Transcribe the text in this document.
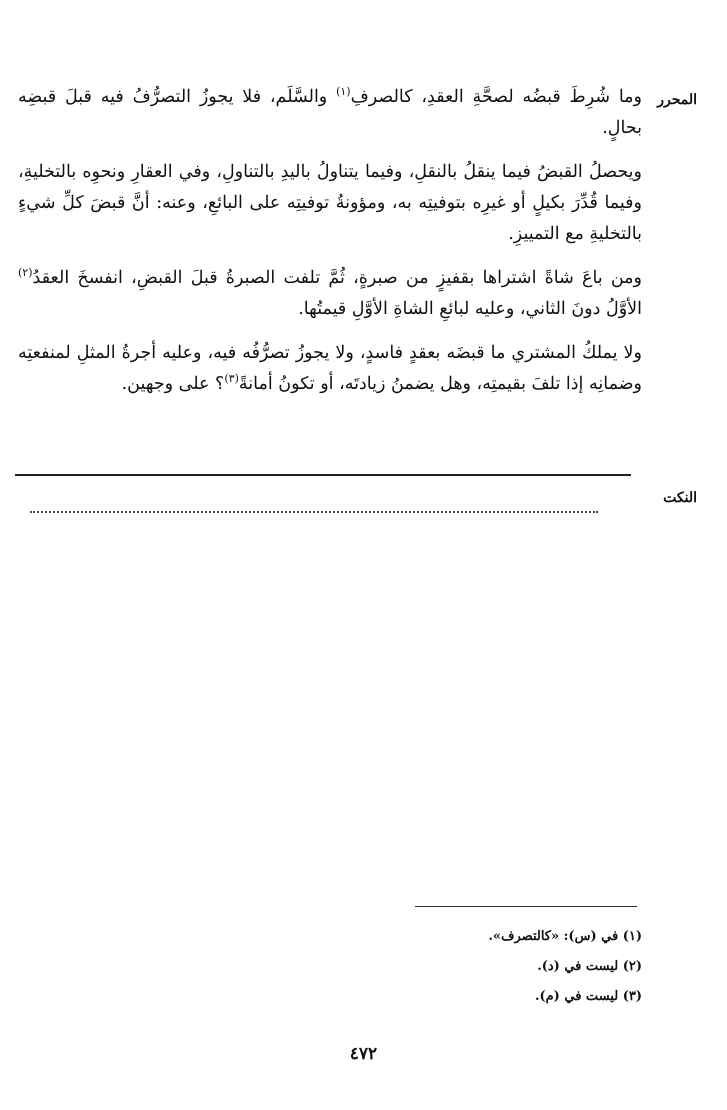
المحرر

وما شُرِطَ قبضُه لصحَّةِ العقدِ، كالصرفِ$^{(١)}$ والسَّلَم، فلا يجوزُ التصرُّفُ فيه قبلَ قبضِه بحالٍ.

ويحصلُ القبضُ فيما ينقلُ بالنقلِ، وفيما يتناولُ باليدِ بالتناولِ، وفي العقارِ ونحوِه بالتخليةِ، وفيما قُدِّرَ بكيلٍ أو غيرِه بتوفيتِه به، ومؤونةُ توفيتِه على البائعِ، وعنه: أنَّ قبضَ كلِّ شيءٍ بالتخليةِ مع التمييزِ.

ومن باعَ شاةً اشتراها بقفيزٍ من صبرةٍ، ثُمَّ تلفت الصبرةُ قبلَ القبضِ، انفسخَ العقدُ$^{(٢)}$ الأوَّلُ دونَ الثاني، وعليه لبائعِ الشاةِ الأوَّلِ قيمتُها.

ولا يملكُ المشتري ما قبضَه بعقدٍ فاسدٍ، ولا يجوزُ تصرُّفُه فيه، وعليه أجرةُ المثلِ لمنفعتِه وضمانِه إذا تلفَ بقيمتِه، وهل يضمنُ زيادتَه، أو تكونُ أمانةً$^{(٣)}$؟ على وجهين.

النكت
(١) في (س): «كالتصرف».
(٢) ليست في (د).
(٣) ليست في (م).
٤٧٢
